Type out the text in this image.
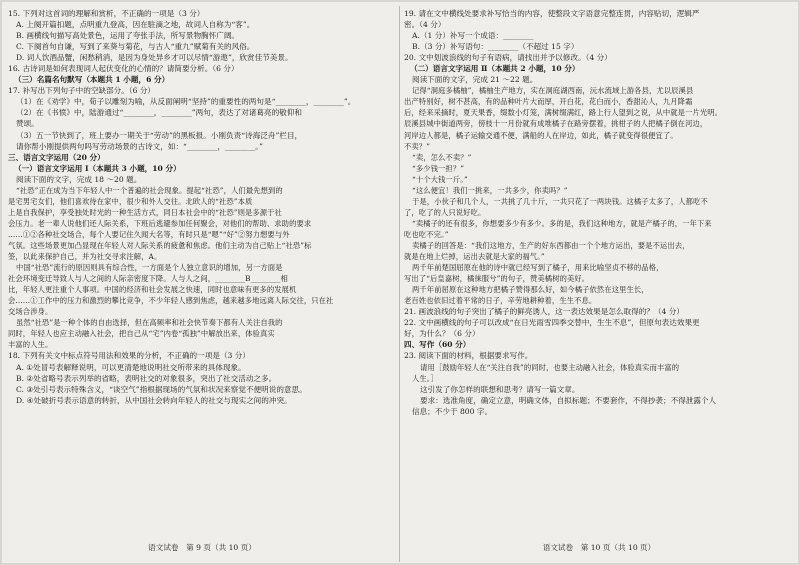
15. 下列对这首词的理解和赏析，不正确的一项是（3 分）
A. 上阕开篇扣题，点明重九登高，因在駐滴之地，故词人自称为“客”。
B. 画横线句描写高处景色，运用了夸张手法，所写景物胸怀广阔。
C. 下阕首句自谦，写到了来葵与菊花，与古人“重九”赋菊有关的风俗。
D. 词人饮酒品蟹，闲愁稍消，是因为身处异乡才可以尽情“游遨”，欣赏佳节美景。
16. 古诗词是如何表现词人起伏变化的心情的？请简要分析。（6 分）
（三）名篇名句默写（本题共 1 小题，6 分）
17. 补写出下列句子中的空缺部分。（6 分）
（1）在《劝学》中，荀子以雕刻为喻，从反面阐明“坚持”的重要性的两句是“________，________”。
（2）在《书愤》中，陆游通过“________，________”两句，表达了对诸葛亮的敬仰和
赞颂。
（3）五一节快到了，班上要办一期关于“劳动”的黑板报。小刚负责“诗海泛舟”栏目，
请你帮小刚提供两句吗写劳动场景的古诗文，如：“________，________。”
三、语言文字运用（20 分）
（一）语言文字运用 Ⅰ（本题共 3 小题，10 分）
阅读下面的文字，完成 18 ～20 题。
“社恐”正在成为当下年轻人中一个普遍的社会现象。提起“社恐”，人们最先想到的
是宅男宅女们，他们喜欢待在家中，很少和外人交往。北欧人的“社恐”本质
上是自我保护，享受独处时光的一种生活方式，同日本社会中的“社恐”则是多源于社
会压力。老一辈人说他们还人际关系，下班后逃避参加任何聚会，对他们的帮助、求助的要求
……①②各种社交场合，每个人要记住久闻大名等，有时只是“嗯”“好”②努力想要与外
气氛。这些场景更加凸显现在年轻人对人际关系的疲惫和焦虑。他们主动为自己贴上“社恐”标
签，以此来保护自己，并为社交寻求注解，A。
中国“社恐”流行的原因则具有综合性，一方面是个人独立意识的增加，另一方面是
社会环境变迁导致人与人之间的人际亲密度下降。人与人之间，________B________相
比，年轻人更注重个人事项。中国的经济和社会发展之快速，同时也意味有更多的发展机
会……①工作中的压力和激烈的攀比竞争，不少年轻人感到焦虑，越来越多地远离人际交往，只在社
交场合涉身。
虽然“社恐”是一种个体的自由选择，但在高频率和社会快节奏下都有人关注自我的
同时，年轻人也应主动融入社会，把自己从“宅”内卷“孤独”中解放出来，体验真实
丰富的人生。
18. 下列有关文中标点符号用法和效果的分析，不正确的一项是（3 分）
A. ①处冒号表解释说明，可以更清楚地说明社交所带来的具体现象。
B. ②处省略号表示列举的省略，表明社交的对象很多，突出了社交活动之多。
C. ③处引号表示特殊含义，“谈空气”指根据现场的气氛和状况来察觉不便明说的意思。
D. ④处破折号表示语意的转折，从中国社会转向年轻人的社交与现实之间的冲突。
语文试卷　第 9 页（共 10 页）
19. 请在文中横线处要求补写恰当的内容，使整段文字语意完整连贯，内容贴切，逻辑严
密。（4 分）
A.（1 分）补写一个成语：________
B.（3 分）补写语句：________（不超过 15 字）
20. 文中划波浪线的句子有语病，请找出并予以修改。（4 分）
（二）语言文字运用 Ⅱ（本题共 2 小题，10 分）
阅读下面的文字，完成 21 ～22 题。
记得“洞庭多橘柚”，橘柚生产地方，实在洞庭湖西南，沅水流域上游各县，尤以辰溪县
出产特别好，树不甚高，有的品种叶片大而厚，开白花，花白而小，香甜沁人，九月降霜
后，经来采摘时，夏天果香，缀数小灯笼，满树缀满红，路上行人望到之说，从中就是一片光明。
辰溪县城中街道两旁，傍枝十一月份就有成堆橘子在路旁摆着，挑柑子的人把橘子倒在河边，
河岸边人都是，橘子运输交通不便，满船的人在岸边，如此，橘子就变得很便宜了。
不卖？”
“卖，怎么不卖？”
“多少钱一担？”
“十个大钱一斤。”
“这么便宜！我们一挑来，一共多少，你卖吗？”
于是，小伙子和几个人，一共挑了几十斤，一共只花了一两块钱。这橘子太多了，人都吃不
了，吃了的人只说好吃。
“卖橘子的还有很多，你想要多少有多少。多的是，我们这种地方，就是产橘子的，一年下来
吃也吃不完。”
卖橘子的回答是：“我们这地方，生产的好东西都由一个个地方运出，要是不运出去，
就是在地上烂掉，运出去就是大家的福气。”
两千年前楚国屈原在他的诗中就已经写到了橘子，用来比喻坚贞不移的品格，
写出了“后皇嘉树，橘徕服兮”的句子，赞美橘树的美好。
两千年前屈原在这种地方把橘子赞得那么好，如今橘子依然在这里生长，
老百姓也依旧过着平常的日子，辛劳地耕种着，生生不息。
21. 画波浪线的句子突出了橘子的鲜亮诱人，这一表达效果是怎么取得的？（4 分）
22. 文中画横线的句子可以改成“在日光雨雪四季交替中，生生不息”，但原句表达效果更
好，为什么？（6 分）
四、写作（60 分）
23. 阅读下面的材料，根据要求写作。
请用［鼓励年轻人在“关注自我”的同时，也要主动融入社会，体验真实而丰富的
人生。］
这引发了你怎样的联想和思考？请写一篇文章。
要求：选准角度，确定立意，明确文体，自拟标题；不要套作，不得抄袭；不得泄露个人
信息；不少于 800 字。
语文试卷　第 10 页（共 10 页）
